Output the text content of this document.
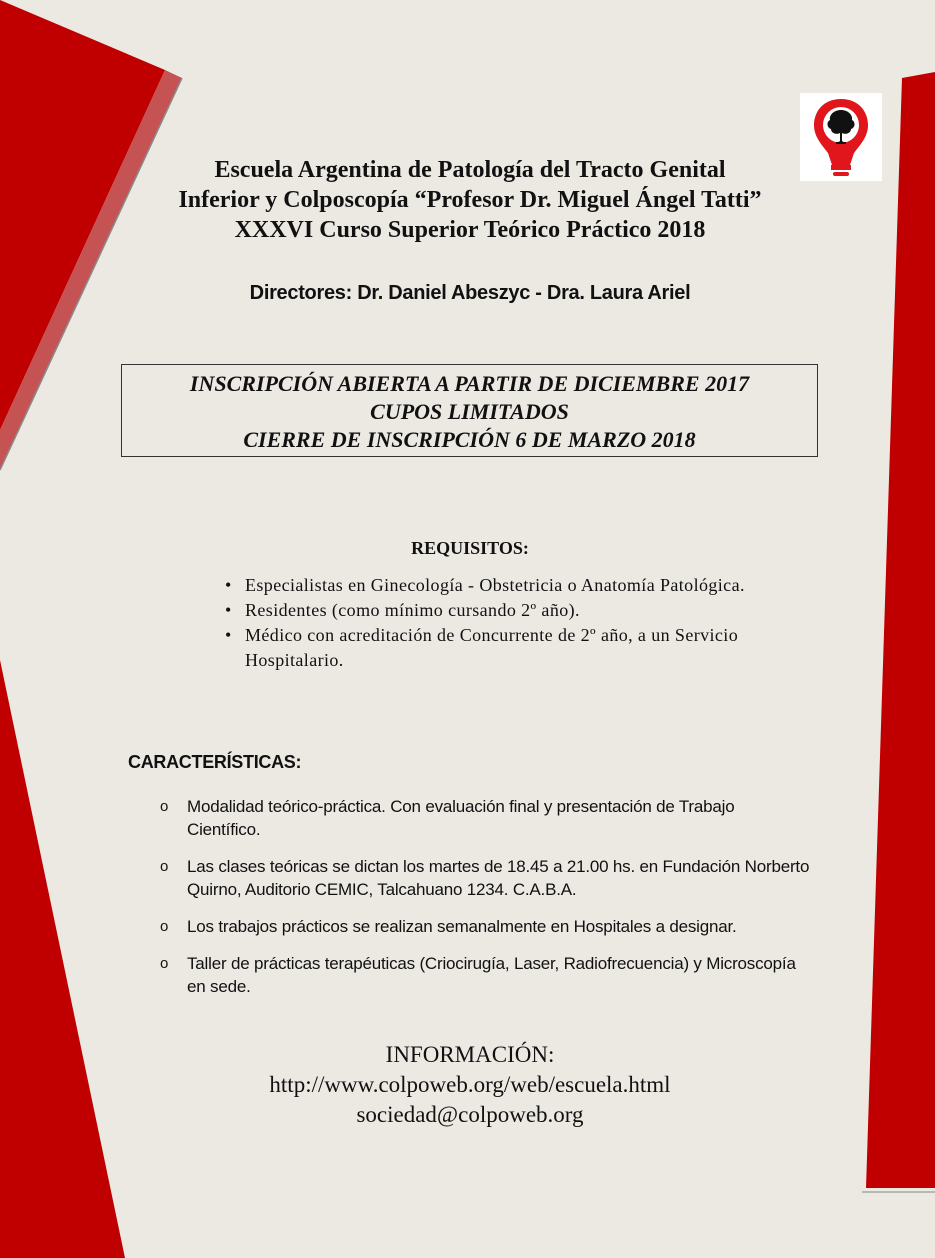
Escuela Argentina de Patología del Tracto Genital
Inferior y Colposcopía “Profesor Dr. Miguel Ángel Tatti”
XXXVI Curso Superior Teórico Práctico 2018
Directores: Dr. Daniel Abeszyc - Dra. Laura Ariel
INSCRIPCIÓN ABIERTA A PARTIR DE DICIEMBRE 2017
CUPOS LIMITADOS
CIERRE DE INSCRIPCIÓN 6 DE MARZO 2018
REQUISITOS:
• Especialistas en Ginecología - Obstetricia o Anatomía Patológica.
• Residentes (como mínimo cursando 2º año).
• Médico con acreditación de Concurrente de 2º año, a un Servicio Hospitalario.
CARACTERÍSTICAS:
o Modalidad teórico-práctica. Con evaluación final y presentación de Trabajo Científico.
o Las clases teóricas se dictan los martes de 18.45 a 21.00 hs. en Fundación Norberto Quirno, Auditorio CEMIC, Talcahuano 1234. C.A.B.A.
o Los trabajos prácticos se realizan semanalmente en Hospitales a designar.
o Taller de prácticas terapéuticas (Criocirugía, Laser, Radiofrecuencia) y Microscopía en sede.
INFORMACIÓN:
http://www.colpoweb.org/web/escuela.html
sociedad@colpoweb.org
